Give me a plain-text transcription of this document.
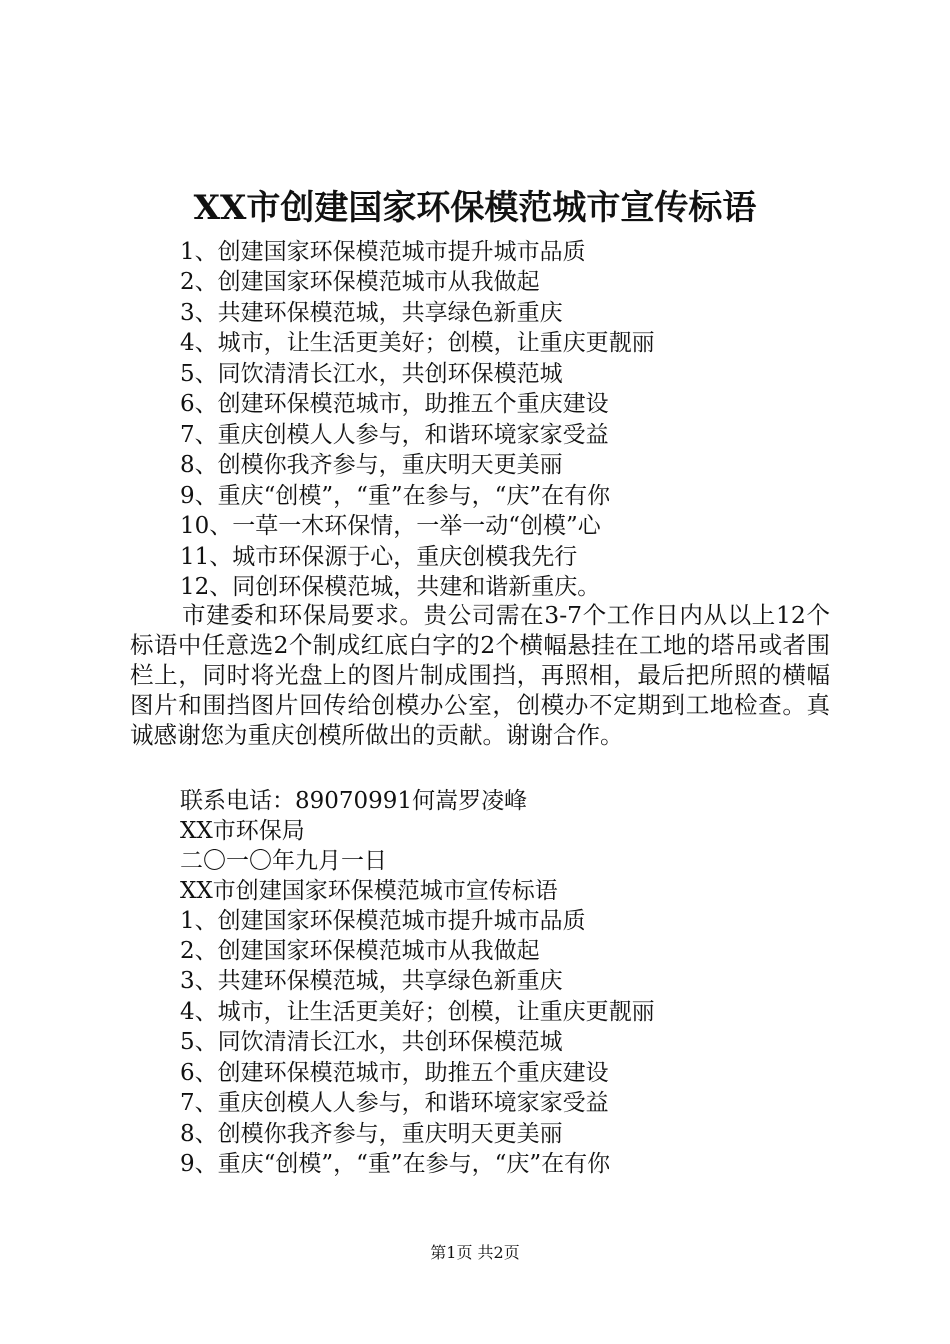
XX市创建国家环保模范城市宣传标语
1、创建国家环保模范城市提升城市品质
2、创建国家环保模范城市从我做起
3、共建环保模范城，共享绿色新重庆
4、城市，让生活更美好；创模，让重庆更靓丽
5、同饮清清长江水，共创环保模范城
6、创建环保模范城市，助推五个重庆建设
7、重庆创模人人参与，和谐环境家家受益
8、创模你我齐参与，重庆明天更美丽
9、重庆“创模”，“重”在参与，“庆”在有你
10、一草一木环保情，一举一动“创模”心
11、城市环保源于心，重庆创模我先行
12、同创环保模范城，共建和谐新重庆。
市建委和环保局要求。贵公司需在3-7个工作日内从以上12个标语中任意选2个制成红底白字的2个横幅悬挂在工地的塔吊或者围栏上，同时将光盘上的图片制成围挡，再照相，最后把所照的横幅图片和围挡图片回传给创模办公室，创模办不定期到工地检查。真诚感谢您为重庆创模所做出的贡献。谢谢合作。
联系电话：89070991何嵩罗凌峰
XX市环保局
二〇一〇年九月一日
XX市创建国家环保模范城市宣传标语
1、创建国家环保模范城市提升城市品质
2、创建国家环保模范城市从我做起
3、共建环保模范城，共享绿色新重庆
4、城市，让生活更美好；创模，让重庆更靓丽
5、同饮清清长江水，共创环保模范城
6、创建环保模范城市，助推五个重庆建设
7、重庆创模人人参与，和谐环境家家受益
8、创模你我齐参与，重庆明天更美丽
9、重庆“创模”，“重”在参与，“庆”在有你
第1页 共2页
